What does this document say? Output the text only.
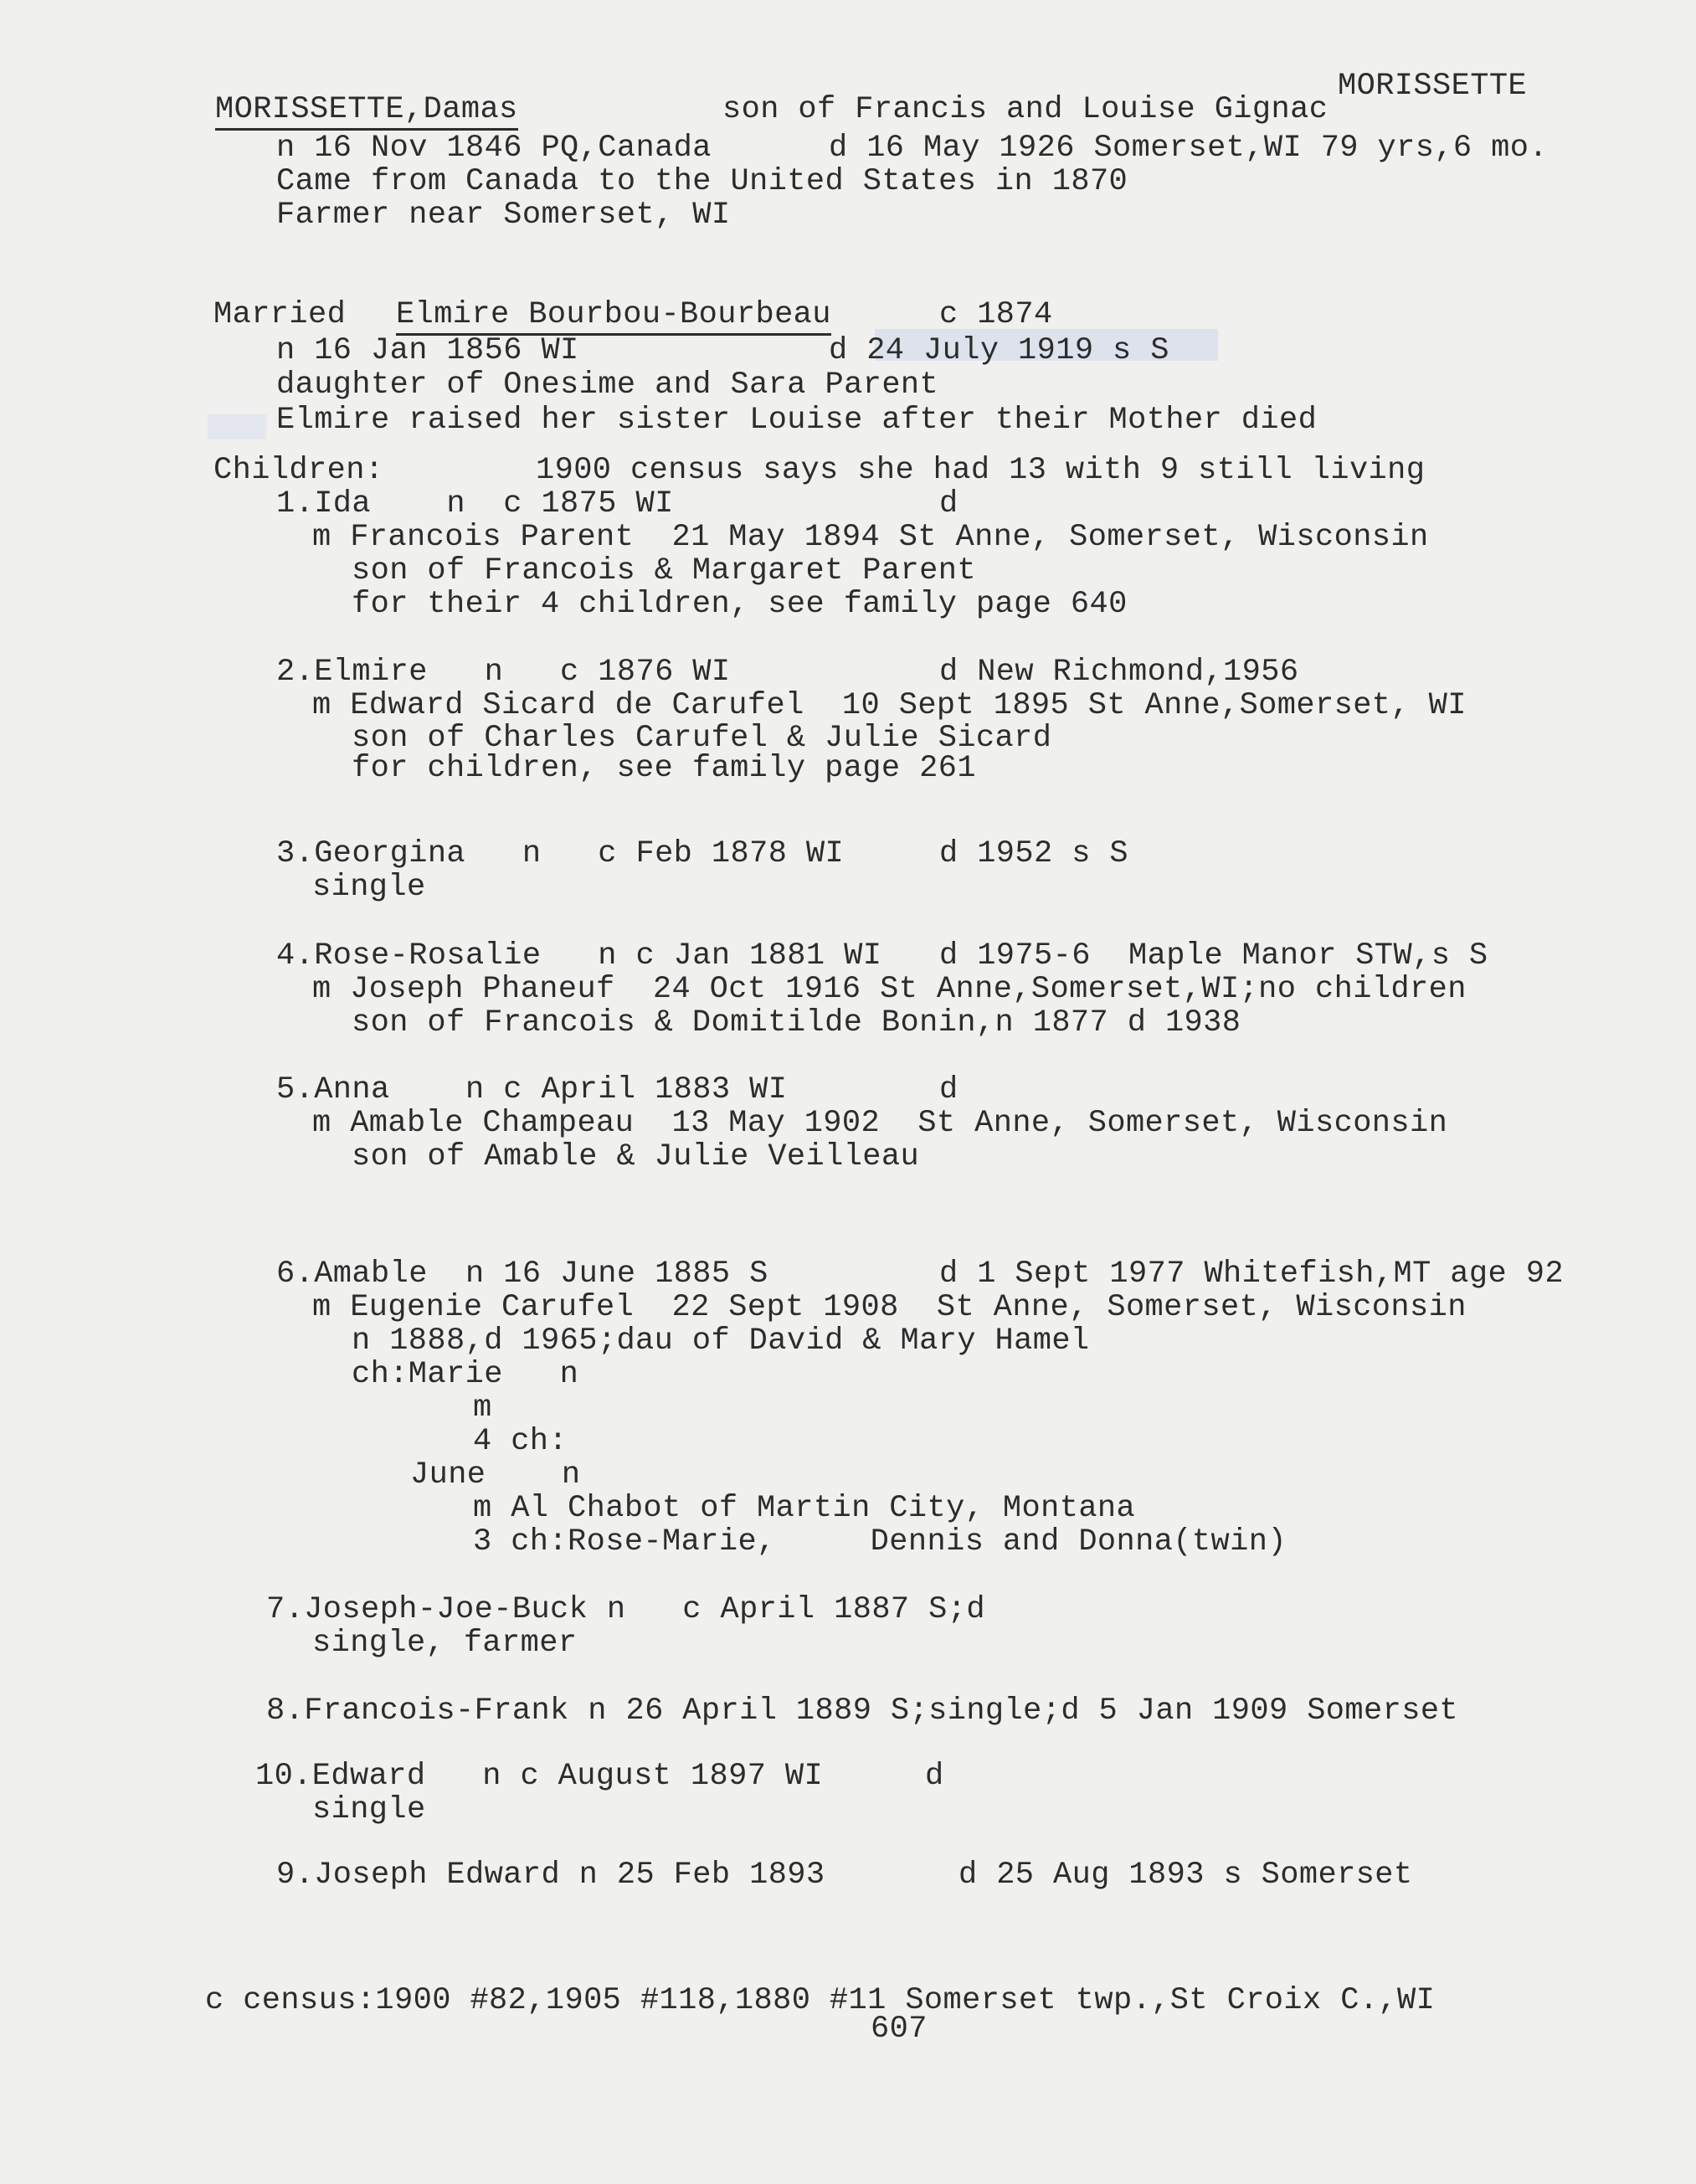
MORISSETTE
MORISSETTE,Damas	son of Francis and Louise Gignac
n 16 Nov 1846 PQ,Canada	d 16 May 1926 Somerset,WI 79 yrs,6 mo.
Came from Canada to the United States in 1870
Farmer near Somerset, WI
Married Elmire Bourbou-Bourbeau	c 1874
n 16 Jan 1856 WI	d 24 July 1919 s S
daughter of Onesime and Sara Parent
Elmire raised her sister Louise after their Mother died
Children:	1900 census says she had 13 with 9 still living
1.Ida    n  c 1875 WI	d
m Francois Parent  21 May 1894 St Anne, Somerset, Wisconsin
son of Francois & Margaret Parent
for their 4 children, see family page 640
2.Elmire   n   c 1876 WI	d New Richmond,1956
m Edward Sicard de Carufel  10 Sept 1895 St Anne,Somerset, WI
son of Charles Carufel & Julie Sicard
for children, see family page 261
3.Georgina   n   c Feb 1878 WI	d 1952 s S
single
4.Rose-Rosalie   n c Jan 1881 WI d 1975-6  Maple Manor STW,s S
m Joseph Phaneuf  24 Oct 1916 St Anne,Somerset,WI;no children
son of Francois & Domitilde Bonin,n 1877 d 1938
5.Anna    n c April 1883 WI	d
m Amable Champeau  13 May 1902  St Anne, Somerset, Wisconsin
son of Amable & Julie Veilleau
6.Amable  n 16 June 1885 S	d 1 Sept 1977 Whitefish,MT age 92
m Eugenie Carufel  22 Sept 1908  St Anne, Somerset, Wisconsin
n 1888,d 1965;dau of David & Mary Hamel
ch:Marie   n
m
4 ch:
June    n
m Al Chabot of Martin City, Montana
3 ch:Rose-Marie,     Dennis and Donna(twin)
7.Joseph-Joe-Buck n   c April 1887 S;d
single, farmer
8.Francois-Frank n 26 April 1889 S;single;d 5 Jan 1909 Somerset
10.Edward   n c August 1897 WI	d
single
9.Joseph Edward n 25 Feb 1893	d 25 Aug 1893 s Somerset
c census:1900 #82,1905 #118,1880 #11 Somerset twp.,St Croix C.,WI
607
